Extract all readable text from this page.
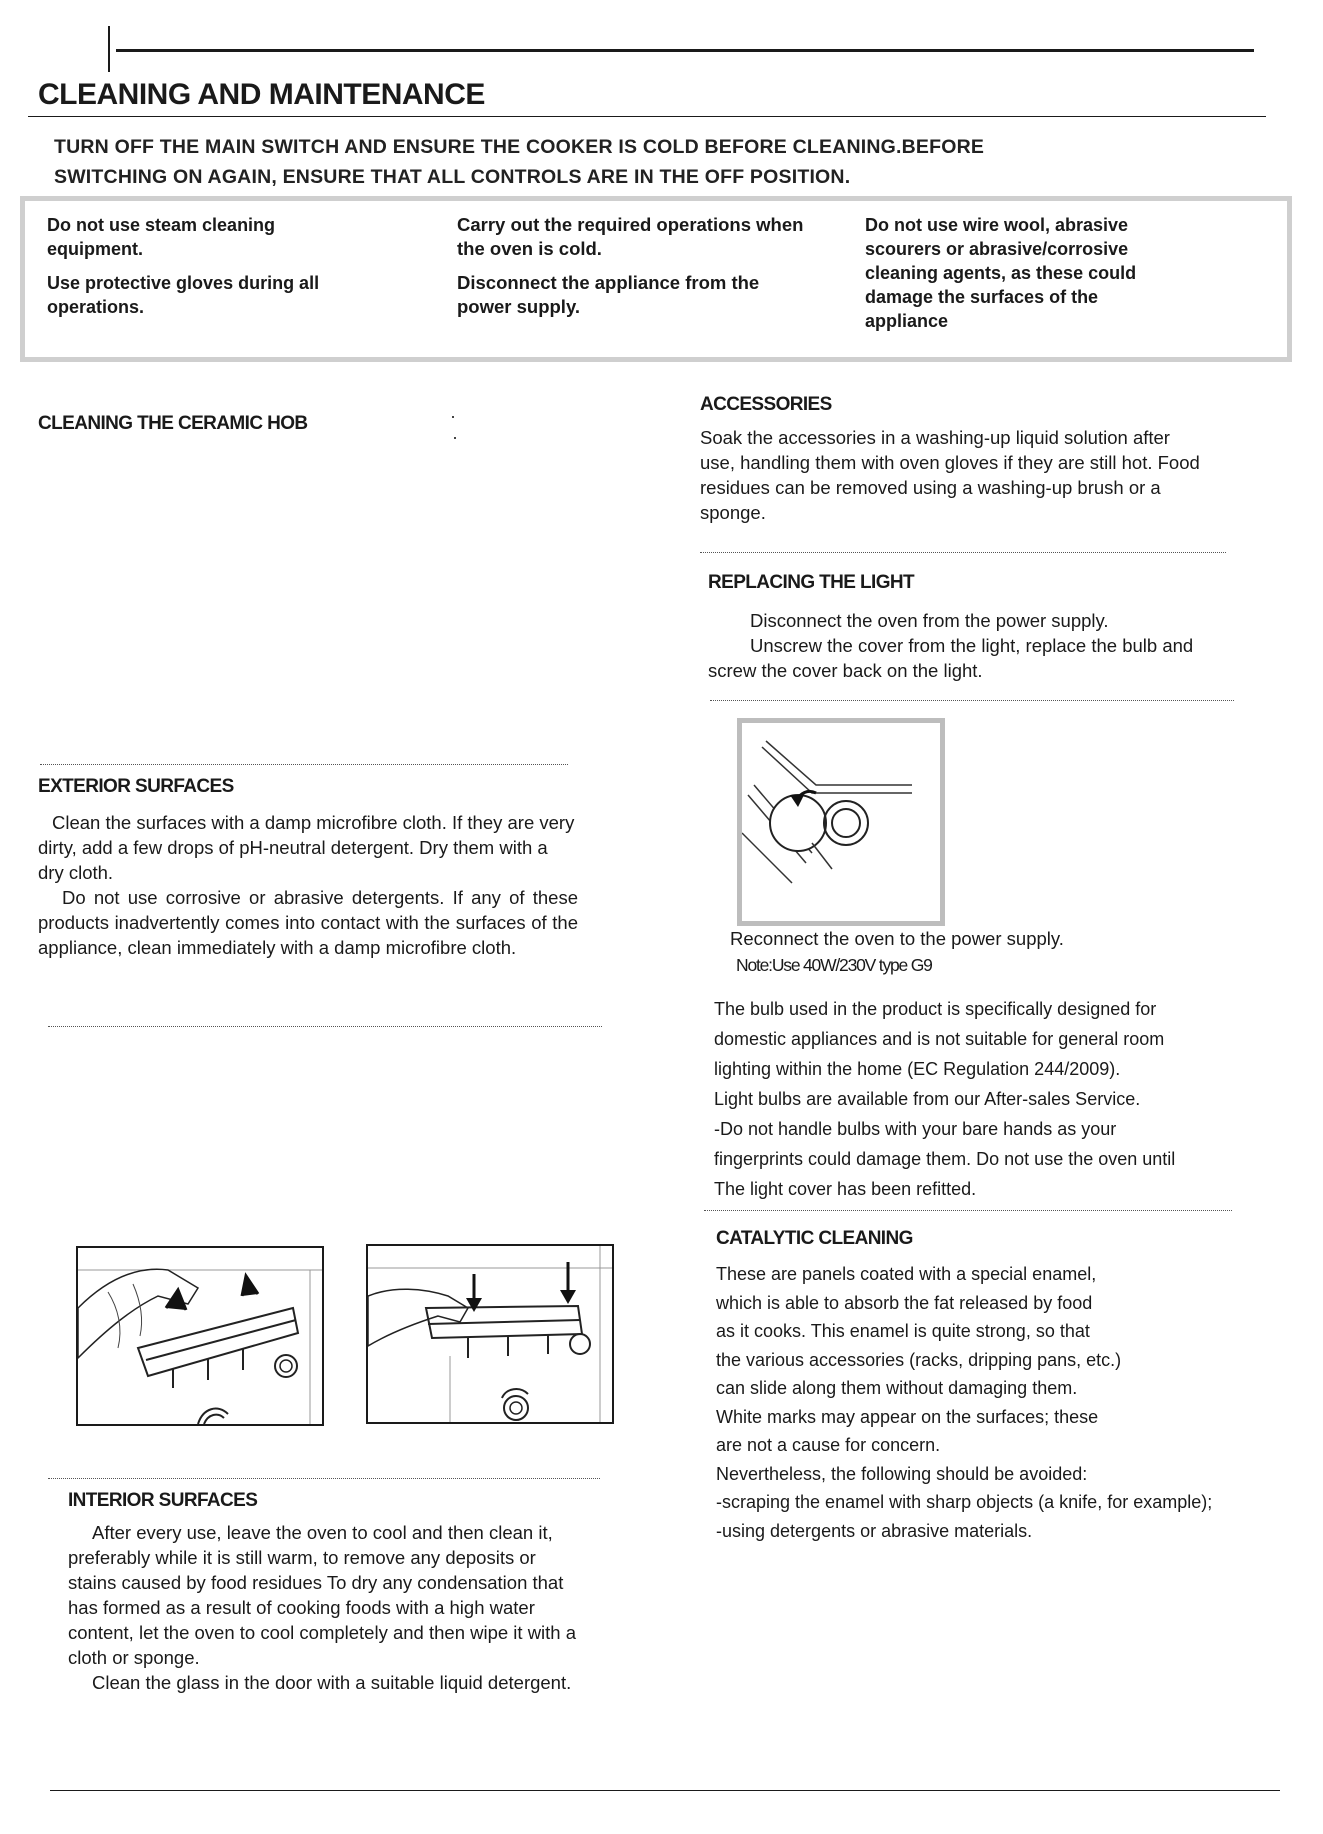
CLEANING AND MAINTENANCE

TURN OFF THE MAIN SWITCH AND ENSURE THE COOKER IS COLD BEFORE CLEANING.BEFORE

SWITCHING ON AGAIN, ENSURE THAT ALL CONTROLS ARE IN THE OFF POSITION.

Do not use steam cleaning equipment.

Use protective gloves during all operations.

Carry out the required operations when the oven is cold.

Disconnect the appliance from the power supply.

Do not use wire wool, abrasive scourers or abrasive/corrosive cleaning agents, as these could damage the surfaces of the appliance

CLEANING THE CERAMIC HOB
EXTERIOR SURFACES

Clean the surfaces with a damp microfibre cloth. If they are very dirty, add a few drops of pH-neutral detergent. Dry them with a dry cloth.

Do not use corrosive or abrasive detergents. If any of these products inadvertently comes into contact with the surfaces of the appliance, clean immediately with a damp microfibre cloth.

INTERIOR SURFACES

After every use, leave the oven to cool and then clean it, preferably while it is still warm, to remove any deposits or stains caused by food residues To dry any condensation that has formed as a result of cooking foods with a high water content, let the oven to cool completely and then wipe it with a cloth or sponge.

Clean the glass in the door with a suitable liquid detergent.

ACCESSORIES

Soak the accessories in a washing-up liquid solution after use, handling them with oven gloves if they are still hot. Food residues can be removed using a washing-up brush or a sponge.

REPLACING THE LIGHT

Disconnect the oven from the power supply.

Unscrew the cover from the light, replace the bulb and screw the cover back on the light.

Reconnect the oven to the power supply.

Note:Use 40W/230V type G9

The bulb used in the product is specifically designed for

domestic appliances and is not suitable for general room

lighting within the home (EC Regulation 244/2009).

Light bulbs are available from our After-sales Service.

-Do not handle bulbs with your bare hands as your

fingerprints could damage them. Do not use the oven until

The light cover has been refitted.

CATALYTIC CLEANING

These are panels coated with a special enamel,

which is able to absorb the fat released by food

as it cooks. This enamel is quite strong, so that

the various accessories (racks, dripping pans, etc.)

can slide along them without damaging them.

White marks may appear on the surfaces; these

are not a cause for concern.

Nevertheless, the following should be avoided:

-scraping the enamel with sharp objects (a knife, for example);

-using detergents or abrasive materials.
